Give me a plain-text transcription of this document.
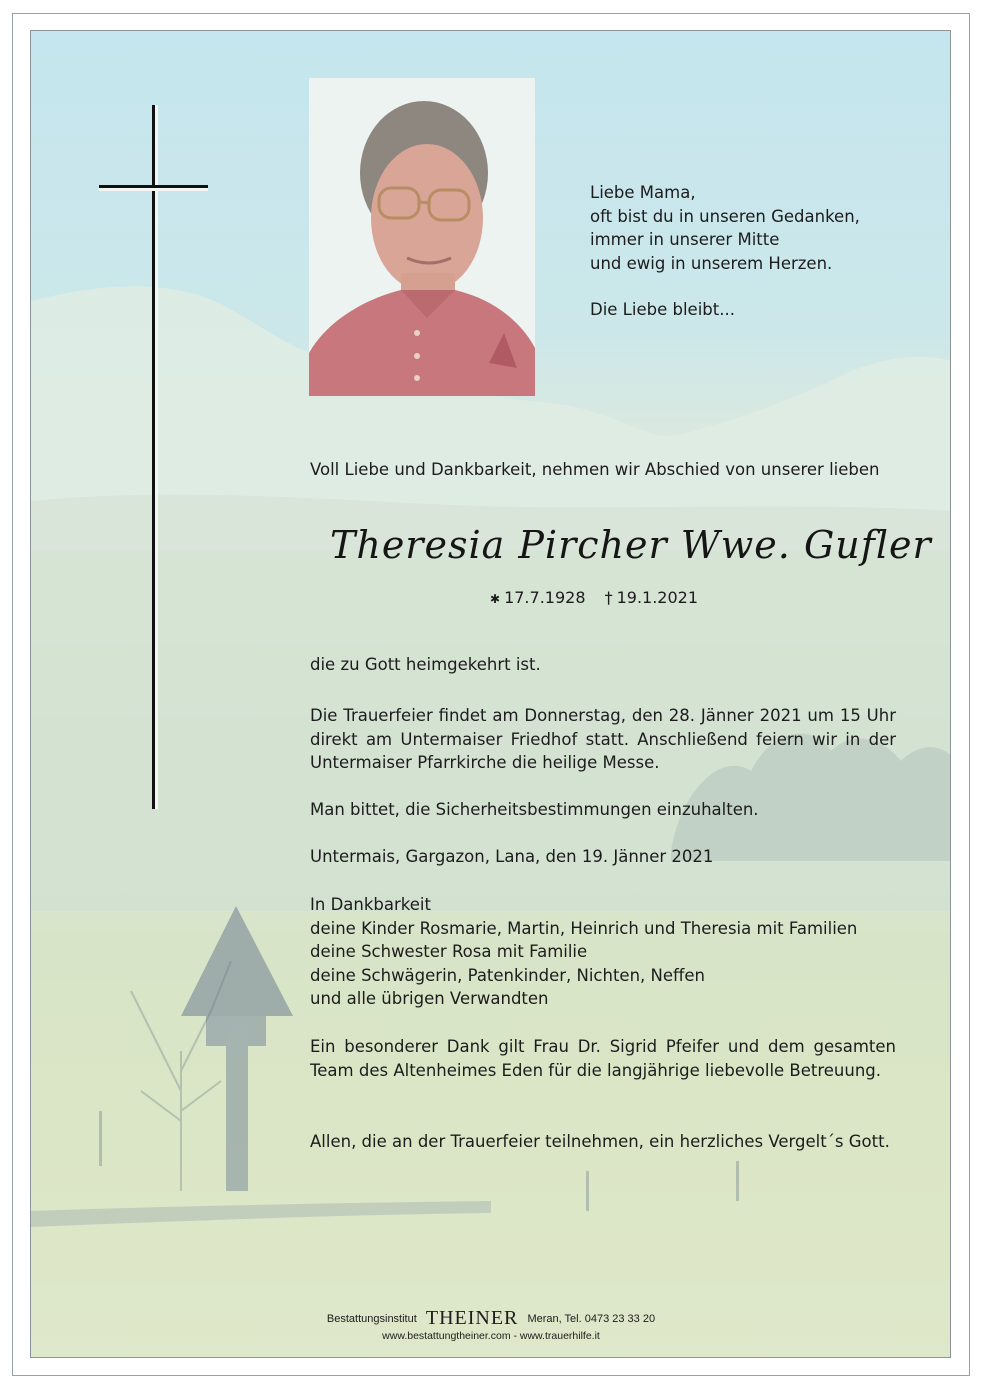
Liebe Mama,
oft bist du in unseren Gedanken,
immer in unserer Mitte
und ewig in unserem Herzen.
Die Liebe bleibt...
Voll Liebe und Dankbarkeit, nehmen wir Abschied von unserer lieben
Theresia Pircher Wwe. Gufler
✱ 17.7.1928 † 19.1.2021
die zu Gott heimgekehrt ist.
Die Trauerfeier findet am Donnerstag, den 28. Jänner 2021 um 15 Uhr direkt am Untermaiser Friedhof statt. Anschließend feiern wir in der Untermaiser Pfarrkirche die heilige Messe.
Man bittet, die Sicherheitsbestimmungen einzuhalten.
Untermais, Gargazon, Lana, den 19. Jänner 2021
In Dankbarkeit
deine Kinder Rosmarie, Martin, Heinrich und Theresia mit Familien
deine Schwester Rosa mit Familie
deine Schwägerin, Patenkinder, Nichten, Neffen
und alle übrigen Verwandten
Ein besonderer Dank gilt Frau Dr. Sigrid Pfeifer und dem gesamten Team des Altenheimes Eden für die langjährige liebevolle Betreuung.
Allen, die an der Trauerfeier teilnehmen, ein herzliches Vergelt´s Gott.
Bestattungsinstitut THEINER Meran, Tel. 0473 23 33 20
www.bestattungtheiner.com - www.trauerhilfe.it
